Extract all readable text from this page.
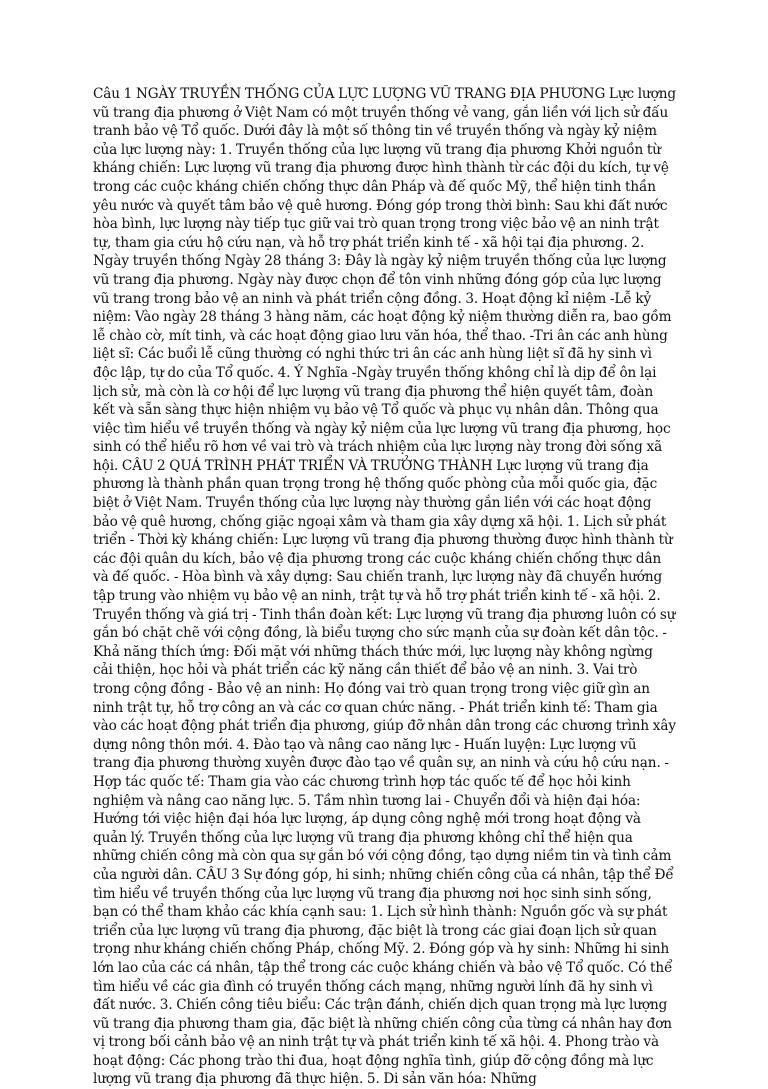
Câu 1 NGÀY TRUYỀN THỐNG CỦA LỰC LƯỢNG VŨ TRANG ĐỊA PHƯƠNG Lực lượng vũ trang địa phương ở Việt Nam có một truyền thống vẻ vang, gắn liền với lịch sử đấu tranh bảo vệ Tổ quốc. Dưới đây là một số thông tin về truyền thống và ngày kỷ niệm của lực lượng này: 1. Truyền thống của lực lượng vũ trang địa phương Khởi nguồn từ kháng chiến: Lực lượng vũ trang địa phương được hình thành từ các đội du kích, tự vệ trong các cuộc kháng chiến chống thực dân Pháp và đế quốc Mỹ, thể hiện tinh thần yêu nước và quyết tâm bảo vệ quê hương. Đóng góp trong thời bình: Sau khi đất nước hòa bình, lực lượng này tiếp tục giữ vai trò quan trọng trong việc bảo vệ an ninh trật tự, tham gia cứu hộ cứu nạn, và hỗ trợ phát triển kinh tế - xã hội tại địa phương. 2. Ngày truyền thống Ngày 28 tháng 3: Đây là ngày kỷ niệm truyền thống của lực lượng vũ trang địa phương. Ngày này được chọn để tôn vinh những đóng góp của lực lượng vũ trang trong bảo vệ an ninh và phát triển cộng đồng. 3. Hoạt động kỉ niệm -Lễ kỷ niệm: Vào ngày 28 tháng 3 hàng năm, các hoạt động kỷ niệm thường diễn ra, bao gồm lễ chào cờ, mít tinh, và các hoạt động giao lưu văn hóa, thể thao. -Tri ân các anh hùng liệt sĩ: Các buổi lễ cũng thường có nghi thức tri ân các anh hùng liệt sĩ đã hy sinh vì độc lập, tự do của Tổ quốc. 4. Ý Nghĩa -Ngày truyền thống không chỉ là dịp để ôn lại lịch sử, mà còn là cơ hội để lực lượng vũ trang địa phương thể hiện quyết tâm, đoàn kết và sẵn sàng thực hiện nhiệm vụ bảo vệ Tổ quốc và phục vụ nhân dân. Thông qua việc tìm hiểu về truyền thống và ngày kỷ niệm của lực lượng vũ trang địa phương, học sinh có thể hiểu rõ hơn về vai trò và trách nhiệm của lực lượng này trong đời sống xã hội. CÂU 2 QUÁ TRÌNH PHÁT TRIỂN VÀ TRƯỞNG THÀNH Lực lượng vũ trang địa phương là thành phần quan trọng trong hệ thống quốc phòng của mỗi quốc gia, đặc biệt ở Việt Nam. Truyền thống của lực lượng này thường gắn liền với các hoạt động bảo vệ quê hương, chống giặc ngoại xâm và tham gia xây dựng xã hội. 1. Lịch sử phát triển - Thời kỳ kháng chiến: Lực lượng vũ trang địa phương thường được hình thành từ các đội quân du kích, bảo vệ địa phương trong các cuộc kháng chiến chống thực dân và đế quốc. - Hòa bình và xây dựng: Sau chiến tranh, lực lượng này đã chuyển hướng tập trung vào nhiệm vụ bảo vệ an ninh, trật tự và hỗ trợ phát triển kinh tế - xã hội. 2. Truyền thống và giá trị - Tinh thần đoàn kết: Lực lượng vũ trang địa phương luôn có sự gắn bó chặt chẽ với cộng đồng, là biểu tượng cho sức mạnh của sự đoàn kết dân tộc. - Khả năng thích ứng: Đối mặt với những thách thức mới, lực lượng này không ngừng cải thiện, học hỏi và phát triển các kỹ năng cần thiết để bảo vệ an ninh. 3. Vai trò trong cộng đồng - Bảo vệ an ninh: Họ đóng vai trò quan trọng trong việc giữ gìn an ninh trật tự, hỗ trợ công an và các cơ quan chức năng. - Phát triển kinh tế: Tham gia vào các hoạt động phát triển địa phương, giúp đỡ nhân dân trong các chương trình xây dựng nông thôn mới. 4. Đào tạo và nâng cao năng lực - Huấn luyện: Lực lượng vũ trang địa phương thường xuyên được đào tạo về quân sự, an ninh và cứu hộ cứu nạn. - Hợp tác quốc tế: Tham gia vào các chương trình hợp tác quốc tế để học hỏi kinh nghiệm và nâng cao năng lực. 5. Tầm nhìn tương lai - Chuyển đổi và hiện đại hóa: Hướng tới việc hiện đại hóa lực lượng, áp dụng công nghệ mới trong hoạt động và quản lý. Truyền thống của lực lượng vũ trang địa phương không chỉ thể hiện qua những chiến công mà còn qua sự gắn bó với cộng đồng, tạo dựng niềm tin và tình cảm của người dân. CÂU 3 Sự đóng góp, hi sinh; những chiến công của cá nhân, tập thể Để tìm hiểu về truyền thống của lực lượng vũ trang địa phương nơi học sinh sinh sống, bạn có thể tham khảo các khía cạnh sau: 1. Lịch sử hình thành: Nguồn gốc và sự phát triển của lực lượng vũ trang địa phương, đặc biệt là trong các giai đoạn lịch sử quan trọng như kháng chiến chống Pháp, chống Mỹ. 2. Đóng góp và hy sinh: Những hi sinh lớn lao của các cá nhân, tập thể trong các cuộc kháng chiến và bảo vệ Tổ quốc. Có thể tìm hiểu về các gia đình có truyền thống cách mạng, những người lính đã hy sinh vì đất nước. 3. Chiến công tiêu biểu: Các trận đánh, chiến dịch quan trọng mà lực lượng vũ trang địa phương tham gia, đặc biệt là những chiến công của từng cá nhân hay đơn vị trong bối cảnh bảo vệ an ninh trật tự và phát triển kinh tế xã hội. 4. Phong trào và hoạt động: Các phong trào thi đua, hoạt động nghĩa tình, giúp đỡ cộng đồng mà lực lượng vũ trang địa phương đã thực hiện. 5. Di sản văn hóa: Những
